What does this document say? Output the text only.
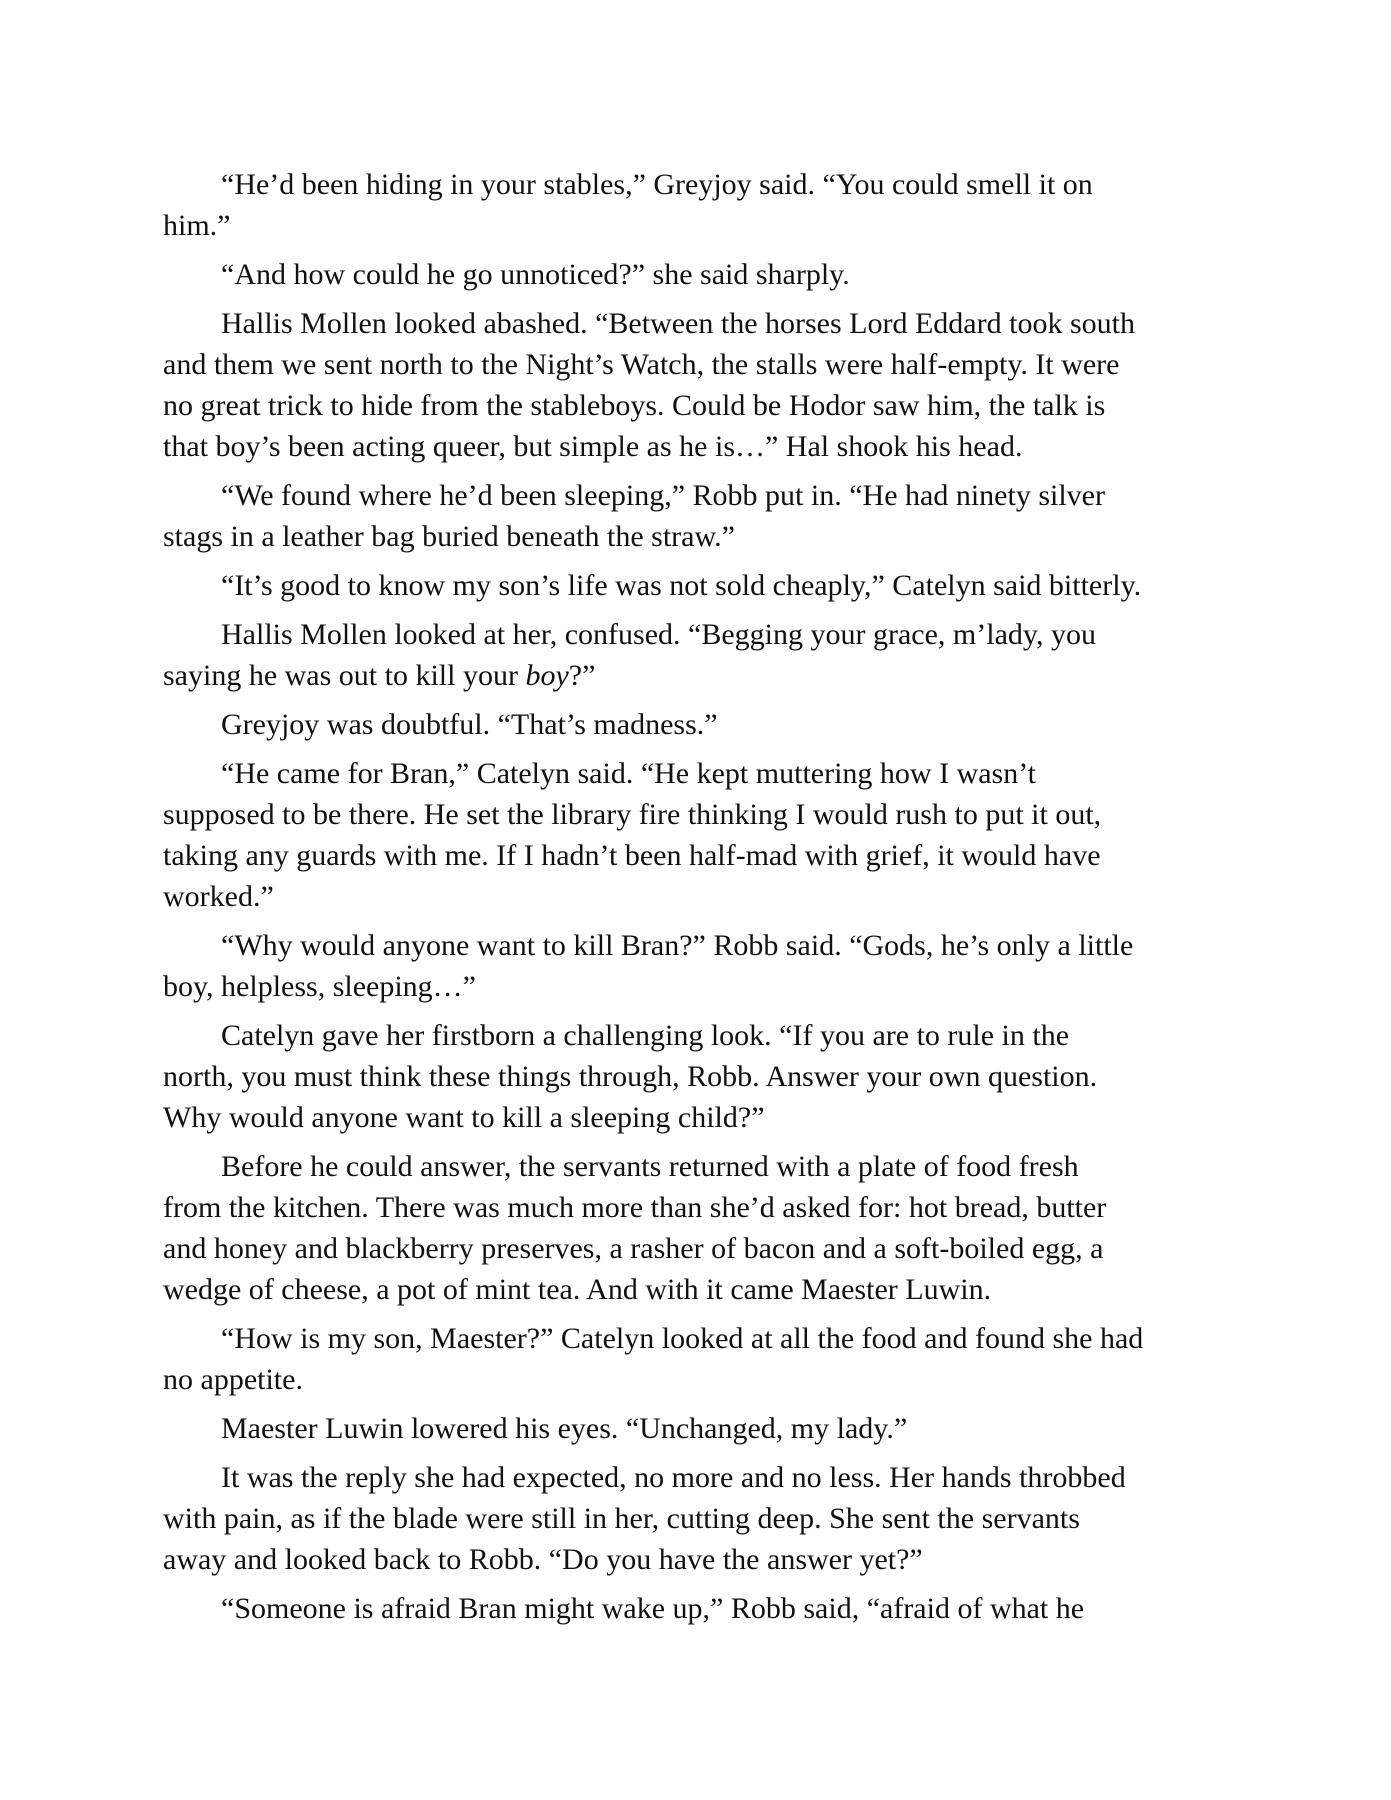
“He’d been hiding in your stables,” Greyjoy said. “You could smell it on
him.”

“And how could he go unnoticed?” she said sharply.

Hallis Mollen looked abashed. “Between the horses Lord Eddard took south
and them we sent north to the Night’s Watch, the stalls were half-empty. It were
no great trick to hide from the stableboys. Could be Hodor saw him, the talk is
that boy’s been acting queer, but simple as he is…” Hal shook his head.

“We found where he’d been sleeping,” Robb put in. “He had ninety silver
stags in a leather bag buried beneath the straw.”

“It’s good to know my son’s life was not sold cheaply,” Catelyn said bitterly.

Hallis Mollen looked at her, confused. “Begging your grace, m’lady, you
saying he was out to kill your boy?”

Greyjoy was doubtful. “That’s madness.”

“He came for Bran,” Catelyn said. “He kept muttering how I wasn’t
supposed to be there. He set the library fire thinking I would rush to put it out,
taking any guards with me. If I hadn’t been half-mad with grief, it would have
worked.”

“Why would anyone want to kill Bran?” Robb said. “Gods, he’s only a little
boy, helpless, sleeping…”

Catelyn gave her firstborn a challenging look. “If you are to rule in the
north, you must think these things through, Robb. Answer your own question.
Why would anyone want to kill a sleeping child?”

Before he could answer, the servants returned with a plate of food fresh
from the kitchen. There was much more than she’d asked for: hot bread, butter
and honey and blackberry preserves, a rasher of bacon and a soft-boiled egg, a
wedge of cheese, a pot of mint tea. And with it came Maester Luwin.

“How is my son, Maester?” Catelyn looked at all the food and found she had
no appetite.

Maester Luwin lowered his eyes. “Unchanged, my lady.”

It was the reply she had expected, no more and no less. Her hands throbbed
with pain, as if the blade were still in her, cutting deep. She sent the servants
away and looked back to Robb. “Do you have the answer yet?”

“Someone is afraid Bran might wake up,” Robb said, “afraid of what he
